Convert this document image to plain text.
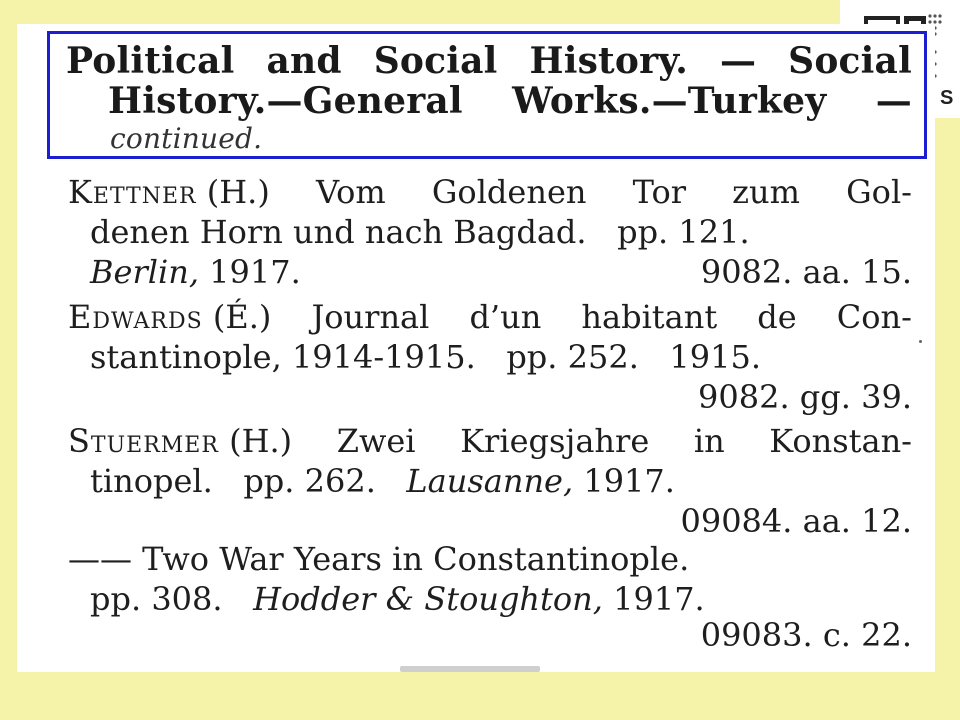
S
Political and Social History. — Social
History.—General Works.—Turkey —
continued.
Kettner (H.) Vom Goldenen Tor zum Gol-
denen Horn und nach Bagdad.   pp. 121.
Berlin, 1917.	9082. aa. 15.
Edwards (É.) Journal d’un habitant de Con-
stantinople, 1914-1915.   pp. 252.   1915.
9082. gg. 39.
Stuermer (H.) Zwei Kriegsjahre in Konstan-
tinopel.   pp. 262. Lausanne, 1917.
09084. aa. 12.
—— Two War Years in Constantinople.
pp. 308. Hodder & Stoughton, 1917.
09083. c. 22.
